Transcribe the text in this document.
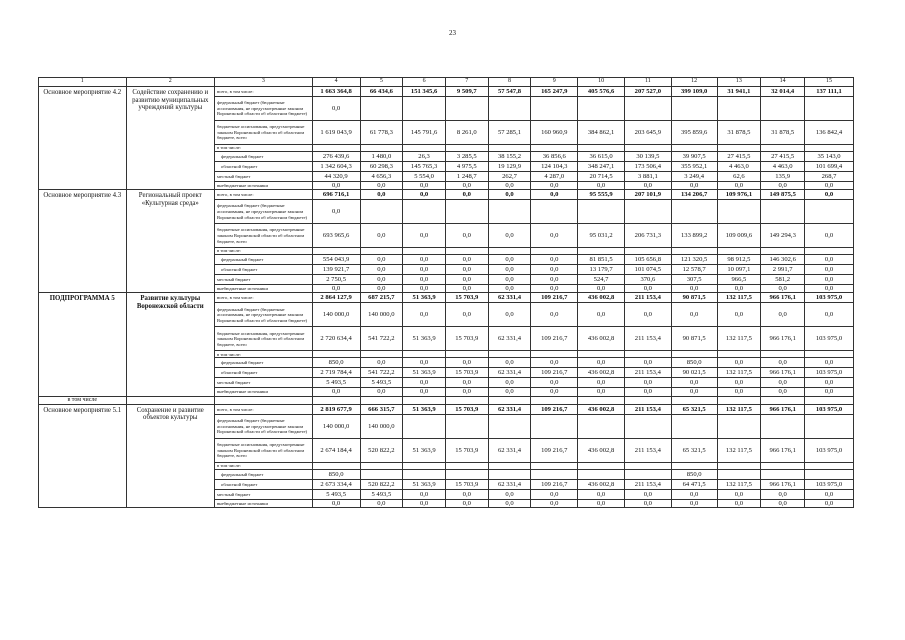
23
1	2	3	4	5	6	7	8	9	10	11	12	13	14	15
Основное мероприятие 4.2	Содействие сохранению и развитию муниципальных учреждений культуры	всего, в том числе:	1 663 364,8	66 434,6	151 345,6	9 509,7	57 547,8	165 247,9	405 576,6	207 527,0	399 109,0	31 941,1	32 014,4	137 111,1
		федеральный бюджет (бюджетные ассигнования, не предусмотренные законом Воронежской области об областном бюджете)	0,0											
		бюджетные ассигнования, предусмотренные законом Воронежской области об областном бюджете, всего	1 619 043,9	61 778,3	145 791,6	8 261,0	57 285,1	160 960,9	384 862,1	203 645,9	395 859,6	31 878,5	31 878,5	136 842,4
		в том числе:												
		федеральный бюджет	276 439,6	1 480,0	26,3	3 285,5	38 155,2	36 856,6	36 615,0	30 139,5	39 907,5	27 415,5	27 415,5	35 143,0
		областной бюджет	1 342 604,3	60 298,3	145 765,3	4 975,5	19 129,9	124 104,3	348 247,1	173 506,4	355 952,1	4 463,0	4 463,0	101 699,4
		местный бюджет	44 320,9	4 656,3	5 554,0	1 248,7	262,7	4 287,0	20 714,5	3 881,1	3 249,4	62,6	135,9	268,7
		внебюджетные источники	0,0	0,0	0,0	0,0	0,0	0,0	0,0	0,0	0,0	0,0	0,0	0,0
Основное мероприятие 4.3	Региональный проект «Культурная среда»	всего, в том числе:	696 716,1	0,0	0,0	0,0	0,0	0,0	95 555,9	207 101,9	134 206,7	109 976,1	149 875,5	0,0
		федеральный бюджет (бюджетные ассигнования, не предусмотренные законом Воронежской области об областном бюджете)	0,0											
		бюджетные ассигнования, предусмотренные законом Воронежской области об областном бюджете, всего	693 965,6	0,0	0,0	0,0	0,0	0,0	95 031,2	206 731,3	133 899,2	109 009,6	149 294,3	0,0
		в том числе:												
		федеральный бюджет	554 043,9	0,0	0,0	0,0	0,0	0,0	81 851,5	105 656,8	121 320,5	98 912,5	146 302,6	0,0
		областной бюджет	139 921,7	0,0	0,0	0,0	0,0	0,0	13 179,7	101 074,5	12 578,7	10 097,1	2 991,7	0,0
		местный бюджет	2 750,5	0,0	0,0	0,0	0,0	0,0	524,7	370,6	307,5	966,5	581,2	0,0
		внебюджетные источники	0,0	0,0	0,0	0,0	0,0	0,0	0,0	0,0	0,0	0,0	0,0	0,0
ПОДПРОГРАММА 5	Развитие культуры Воронежской области	всего, в том числе:	2 864 127,9	687 215,7	51 363,9	15 703,9	62 331,4	109 216,7	436 002,8	211 153,4	90 871,5	132 117,5	966 176,1	103 975,0
		федеральный бюджет (бюджетные ассигнования, не предусмотренные законом Воронежской области об областном бюджете)	140 000,0	140 000,0	0,0	0,0	0,0	0,0	0,0	0,0	0,0	0,0	0,0	0,0
		бюджетные ассигнования, предусмотренные законом Воронежской области об областном бюджете, всего	2 720 634,4	541 722,2	51 363,9	15 703,9	62 331,4	109 216,7	436 002,8	211 153,4	90 871,5	132 117,5	966 176,1	103 975,0
		в том числе:												
		федеральный бюджет	850,0	0,0	0,0	0,0	0,0	0,0	0,0	0,0	850,0	0,0	0,0	0,0
		областной бюджет	2 719 784,4	541 722,2	51 363,9	15 703,9	62 331,4	109 216,7	436 002,8	211 153,4	90 021,5	132 117,5	966 176,1	103 975,0
		местный бюджет	5 493,5	5 493,5	0,0	0,0	0,0	0,0	0,0	0,0	0,0	0,0	0,0	0,0
		внебюджетные источники	0,0	0,0	0,0	0,0	0,0	0,0	0,0	0,0	0,0	0,0	0,0	0,0
в том числе														
Основное мероприятие 5.1	Сохранение и развитие объектов культуры	всего, в том числе:	2 819 677,9	666 315,7	51 363,9	15 703,9	62 331,4	109 216,7	436 002,8	211 153,4	65 321,5	132 117,5	966 176,1	103 975,0
		федеральный бюджет (бюджетные ассигнования, не предусмотренные законом Воронежской области об областном бюджете)	140 000,0	140 000,0										
		бюджетные ассигнования, предусмотренные законом Воронежской области об областном бюджете, всего	2 674 184,4	520 822,2	51 363,9	15 703,9	62 331,4	109 216,7	436 002,8	211 153,4	65 321,5	132 117,5	966 176,1	103 975,0
		в том числе:												
		федеральный бюджет	850,0								850,0			
		областной бюджет	2 673 334,4	520 822,2	51 363,9	15 703,9	62 331,4	109 216,7	436 002,8	211 153,4	64 471,5	132 117,5	966 176,1	103 975,0
		местный бюджет	5 493,5	5 493,5	0,0	0,0	0,0	0,0	0,0	0,0	0,0	0,0	0,0	0,0
		внебюджетные источники	0,0	0,0	0,0	0,0	0,0	0,0	0,0	0,0	0,0	0,0	0,0	0,0
